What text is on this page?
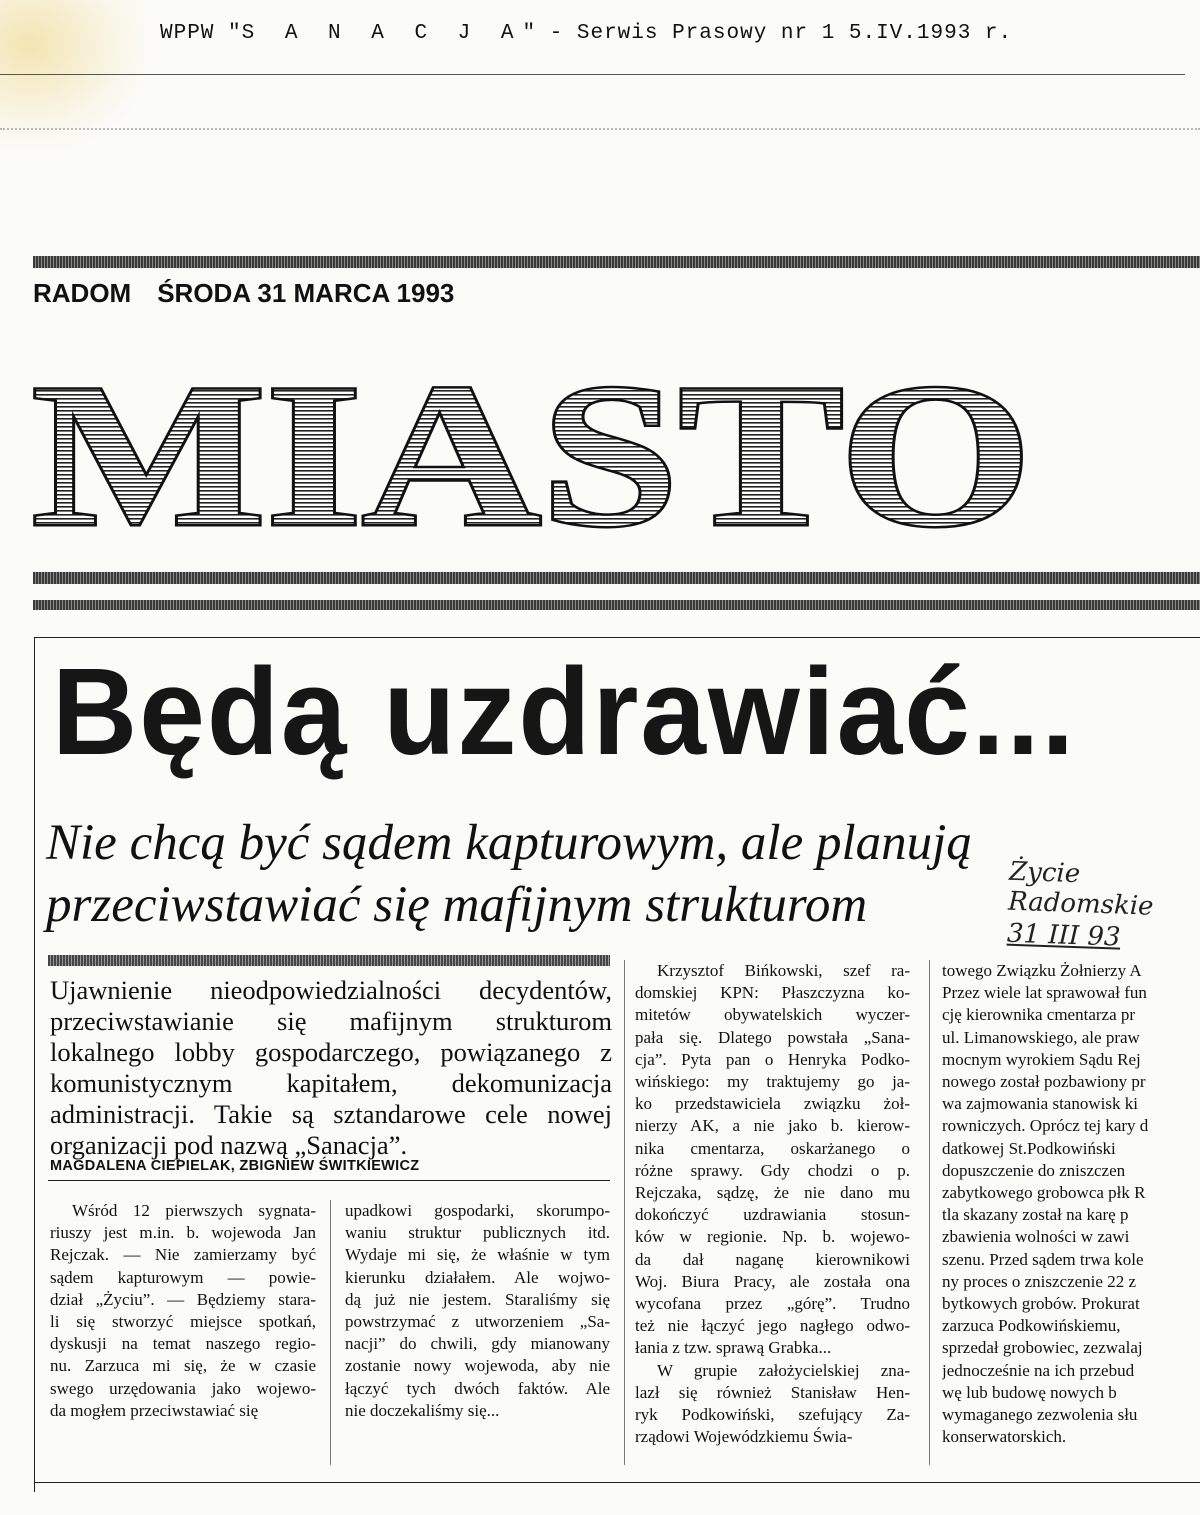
WPPW "S A N A C J A" - Serwis Prasowy nr 1 5.IV.1993 r.
RADOM ŚRODA 31 MARCA 1993
MIASTO
Będą uzdrawiać...
Nie chcą być sądem kapturowym, ale planują
przeciwstawiać się mafijnym strukturom
Życie
Radomskie
31 III 93
Ujawnienie nieodpowiedzialności decydentów, przeciwstawianie się mafijnym strukturom lokalnego lobby gospodarczego, powiązanego z komunistycznym kapitałem, dekomunizacja administracji. Takie są sztandarowe cele nowej organizacji pod nazwą „Sanacja”.
MAGDALENA CIEPIELAK, ZBIGNIEW ŚWITKIEWICZ
Wśród 12 pierwszych sygnata-
riuszy jest m.in. b. wojewoda Jan
Rejczak. — Nie zamierzamy być
sądem kapturowym — powie-
dział „Życiu”. — Będziemy stara-
li się stworzyć miejsce spotkań,
dyskusji na temat naszego regio-
nu. Zarzuca mi się, że w czasie
swego urzędowania jako wojewo-
da mogłem przeciwstawiać się
upadkowi gospodarki, skorumpo-
waniu struktur publicznych itd.
Wydaje mi się, że właśnie w tym
kierunku działałem. Ale wojwo-
dą już nie jestem. Staraliśmy się
powstrzymać z utworzeniem „Sa-
nacji” do chwili, gdy mianowany
zostanie nowy wojewoda, aby nie
łączyć tych dwóch faktów. Ale
nie doczekaliśmy się...
Krzysztof Bińkowski, szef ra-
domskiej KPN: Płaszczyzna ko-
mitetów obywatelskich wyczer-
pała się. Dlatego powstała „Sana-
cja”. Pyta pan o Henryka Podko-
wińskiego: my traktujemy go ja-
ko przedstawiciela związku żoł-
nierzy AK, a nie jako b. kierow-
nika cmentarza, oskarżanego o
różne sprawy. Gdy chodzi o p.
Rejczaka, sądzę, że nie dano mu
dokończyć uzdrawiania stosun-
ków w regionie. Np. b. wojewo-
da dał naganę kierownikowi
Woj. Biura Pracy, ale została ona
wycofana przez „górę”. Trudno
też nie łączyć jego nagłego odwo-
łania z tzw. sprawą Grabka...
W grupie założycielskiej zna-
lazł się również Stanisław Hen-
ryk Podkowiński, szefujący Za-
rządowi Wojewódzkiemu Świa-
towego Związku Żołnierzy A
Przez wiele lat sprawował fun
cję kierownika cmentarza pr
ul. Limanowskiego, ale praw
mocnym wyrokiem Sądu Rej
nowego został pozbawiony pr
wa zajmowania stanowisk ki
rowniczych. Oprócz tej kary d
datkowej St.Podkowiński
dopuszczenie do zniszczen
zabytkowego grobowca płk R
tla skazany został na karę p
zbawienia wolności w zawi
szenu. Przed sądem trwa kole
ny proces o zniszczenie 22 z
bytkowych grobów. Prokurat
zarzuca Podkowińskiemu,
sprzedał grobowiec, zezwalaj
jednocześnie na ich przebud
wę lub budowę nowych b
wymaganego zezwolenia słu
konserwatorskich.
